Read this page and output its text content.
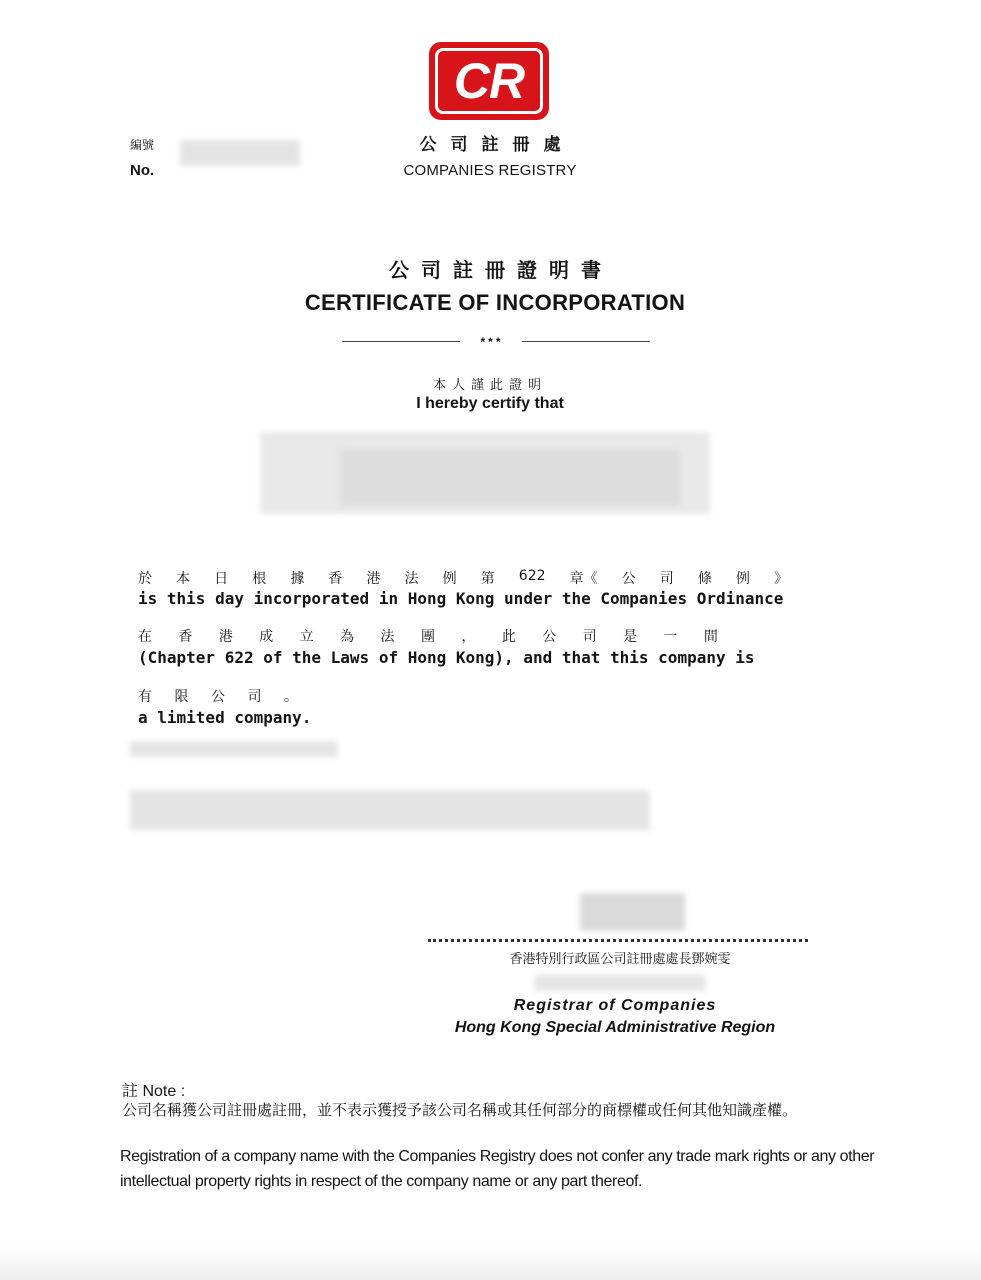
CR
公司註冊處
COMPANIES REGISTRY
編號
No.
公司註冊證明書
CERTIFICATE OF INCORPORATION
***
本人謹此證明
I hereby certify that
於 本 日 根 據 香 港 法 例 第 622 章《 公 司 條 例 》
is this day incorporated in Hong Kong under the Companies Ordinance
在 香 港 成 立 為 法 團 ， 此 公 司 是 一 間
(Chapter 622 of the Laws of Hong Kong), and that this company is
有 限 公 司 。
a limited company.
香港特別行政區公司註冊處處長鄧婉雯
Registrar of Companies
Hong Kong Special Administrative Region
註 Note :
公司名稱獲公司註冊處註冊，並不表示獲授予該公司名稱或其任何部分的商標權或任何其他知識產權。
Registration of a company name with the Companies Registry does not confer any trade mark rights or any other intellectual property rights in respect of the company name or any part thereof.
